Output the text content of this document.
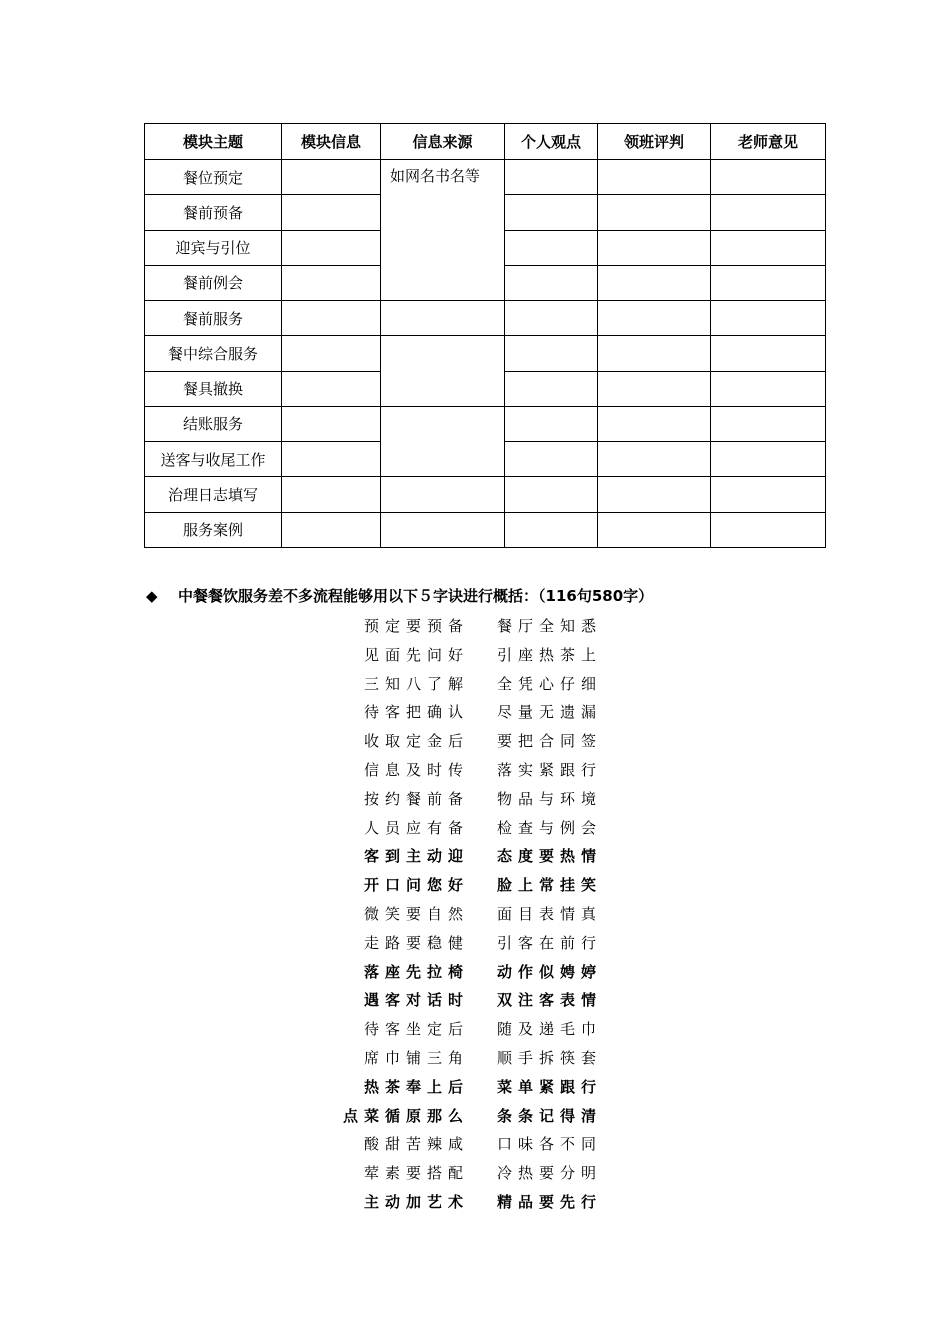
模块主题	模块信息	信息来源	个人观点	领班评判	老师意见
餐位预定		如网名书名等			
餐前预备					
迎宾与引位					
餐前例会					
餐前服务					
餐中综合服务					
餐具撤换					
结账服务					
送客与收尾工作					
治理日志填写					
服务案例					
◆ 中餐餐饮服务差不多流程能够用以下５字诀进行概括：（116句580字）
预定要预备 餐厅全知悉
见面先问好 引座热茶上
三知八了解 全凭心仔细
待客把确认 尽量无遗漏
收取定金后 要把合同签
信息及时传 落实紧跟行
按约餐前备 物品与环境
人员应有备 检查与例会
客到主动迎 态度要热情
开口问您好 脸上常挂笑
微笑要自然 面目表情真
走路要稳健 引客在前行
落座先拉椅 动作似娉婷
遇客对话时 双注客表情
待客坐定后 随及递毛巾
席巾铺三角 顺手拆筷套
热茶奉上后 菜单紧跟行
点菜循原那么 条条记得清
酸甜苦辣咸 口味各不同
荤素要搭配 冷热要分明
主动加艺术 精品要先行
